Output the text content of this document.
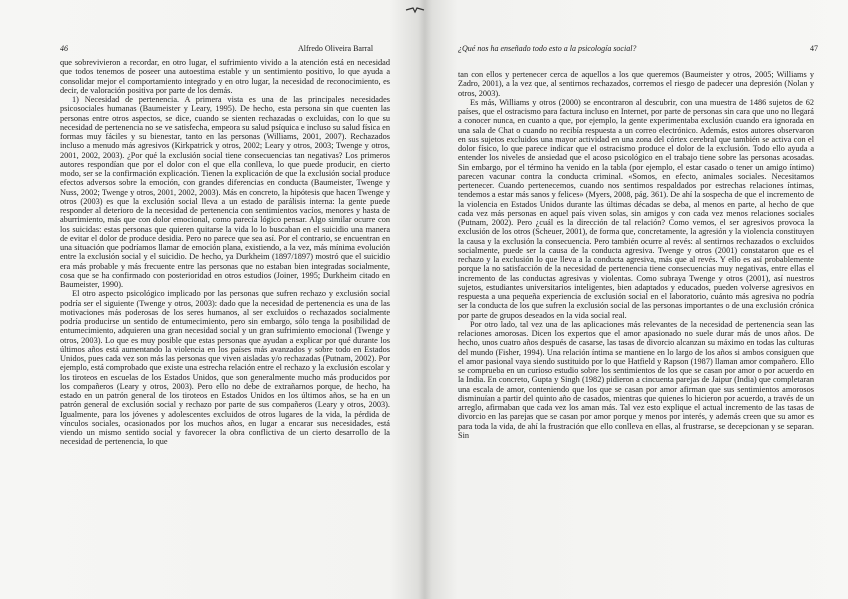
46	Alfredo Oliveira Barral

que sobrevivieron a recordar, en otro lugar, el sufrimiento vivido a la atención está en necesidad que todos tenemos de poseer una autoestima estable y un sentimiento positivo, lo que ayuda a consolidar mejor el comportamiento integrado y en otro lugar, la necesidad de reconocimiento, es decir, de valoración positiva por parte de los demás.

1) Necesidad de pertenencia. A primera vista es una de las principales necesidades psicosociales humanas (Baumeister y Leary, 1995). De hecho, esta persona sin que cuenten las personas entre otros aspectos, se dice, cuando se sienten rechazadas o excluidas, con lo que su necesidad de pertenencia no se ve satisfecha, empeora su salud psíquica e incluso su salud física en formas muy fáciles y su bienestar, tanto en las personas (Williams, 2001, 2007). Rechazados incluso a menudo más agresivos (Kirkpatrick y otros, 2002; Leary y otros, 2003; Twenge y otros, 2001, 2002, 2003). ¿Por qué la exclusión social tiene consecuencias tan negativas? Los primeros autores respondían que por el dolor con el que ella conlleva, lo que puede producir, en cierto modo, ser se la confirmación explicación. Tienen la explicación de que la exclusión social produce efectos adversos sobre la emoción, con grandes diferencias en conducta (Baumeister, Twenge y Nuss, 2002; Twenge y otros, 2001, 2002, 2003). Más en concreto, la hipótesis que hacen Twenge y otros (2003) es que la exclusión social lleva a un estado de parálisis interna: la gente puede responder al deterioro de la necesidad de pertenencia con sentimientos vacíos, menores y hasta de aburrimiento, más que con dolor emocional, como parecía lógico pensar. Algo similar ocurre con los suicidas: estas personas que quieren quitarse la vida lo lo buscaban en el suicidio una manera de evitar el dolor de produce desidia. Pero no parece que sea así. Por el contrario, se encuentran en una situación que podríamos llamar de emoción plana, existiendo, a la vez, más mínima evolución entre la exclusión social y el suicidio. De hecho, ya Durkheim (1897/1897) mostró que el suicidio era más probable y más frecuente entre las personas que no estaban bien integradas socialmente, cosa que se ha confirmado con posterioridad en otros estudios (Joiner, 1995; Durkheim citado en Baumeister, 1990).

El otro aspecto psicológico implicado por las personas que sufren rechazo y exclusión social podría ser el siguiente (Twenge y otros, 2003): dado que la necesidad de pertenencia es una de las motivaciones más poderosas de los seres humanos, al ser excluidos o rechazados socialmente podría producirse un sentido de entumecimiento, pero sin embargo, sólo tenga la posibilidad de entumecimiento, adquieren una gran necesidad social y un gran sufrimiento emocional (Twenge y otros, 2003). Lo que es muy posible que estas personas que ayudan a explicar por qué durante los últimos años está aumentando la violencia en los países más avanzados y sobre todo en Estados Unidos, pues cada vez son más las personas que viven aisladas y/o rechazadas (Putnam, 2002). Por ejemplo, está comprobado que existe una estrecha relación entre el rechazo y la exclusión escolar y los tiroteos en escuelas de los Estados Unidos, que son generalmente mucho más producidos por los compañeros (Leary y otros, 2003). Pero ello no debe de extrañarnos porque, de hecho, ha estado en un patrón general de los tiroteos en Estados Unidos en los últimos años, se ha en un patrón general de exclusión social y rechazo por parte de sus compañeros (Leary y otros, 2003). Igualmente, para los jóvenes y adolescentes excluidos de otros lugares de la vida, la pérdida de vínculos sociales, ocasionados por los muchos años, en lugar a encarar sus necesidades, está viendo un mismo sentido social y favorecer la obra conflictiva de un cierto desarrollo de la necesidad de pertenencia, lo que

¿Qué nos ha enseñado todo esto a la psicología social?	47

tan con ellos y pertenecer cerca de aquellos a los que queremos (Baumeister y otros, 2005; Williams y Zadro, 2001), a la vez que, al sentirnos rechazados, corremos el riesgo de padecer una depresión (Nolan y otros, 2003).

Es más, Williams y otros (2000) se encontraron al descubrir, con una muestra de 1486 sujetos de 62 países, que el ostracismo para factura incluso en Internet, por parte de personas sin cara que uno no llegará a conocer nunca, en cuanto a que, por ejemplo, la gente experimentaba exclusión cuando era ignorada en una sala de Chat o cuando no recibía respuesta a un correo electrónico. Además, estos autores observaron en sus sujetos excluidos una mayor actividad en una zona del córtex cerebral que también se activa con el dolor físico, lo que parece indicar que el ostracismo produce el dolor de la exclusión. Todo ello ayuda a entender los niveles de ansiedad que el acoso psicológico en el trabajo tiene sobre las personas acosadas. Sin embargo, por el término ha venido en la tabla (por ejemplo, el estar casado o tener un amigo íntimo) parecen vacunar contra la conducta criminal. «Somos, en efecto, animales sociales. Necesitamos pertenecer. Cuando pertenecemos, cuando nos sentimos respaldados por estrechas relaciones íntimas, tendemos a estar más sanos y felices» (Myers, 2008, pág. 361). De ahí la sospecha de que el incremento de la violencia en Estados Unidos durante las últimas décadas se deba, al menos en parte, al hecho de que cada vez más personas en aquel país viven solas, sin amigos y con cada vez menos relaciones sociales (Putnam, 2002). Pero ¿cuál es la dirección de tal relación? Como vemos, el ser agresivos provoca la exclusión de los otros (Scheuer, 2001), de forma que, concretamente, la agresión y la violencia constituyen la causa y la exclusión la consecuencia. Pero también ocurre al revés: al sentirnos rechazados o excluidos socialmente, puede ser la causa de la conducta agresiva. Twenge y otros (2001) constataron que es el rechazo y la exclusión lo que lleva a la conducta agresiva, más que al revés. Y ello es así probablemente porque la no satisfacción de la necesidad de pertenencia tiene consecuencias muy negativas, entre ellas el incremento de las conductas agresivas y violentas. Como subraya Twenge y otros (2001), así nuestros sujetos, estudiantes universitarios inteligentes, bien adaptados y educados, pueden volverse agresivos en respuesta a una pequeña experiencia de exclusión social en el laboratorio, cuánto más agresiva no podría ser la conducta de los que sufren la exclusión social de las personas importantes o de una exclusión crónica por parte de grupos deseados en la vida social real.

Por otro lado, tal vez una de las aplicaciones más relevantes de la necesidad de pertenencia sean las relaciones amorosas. Dicen los expertos que el amor apasionado no suele durar más de unos años. De hecho, unos cuatro años después de casarse, las tasas de divorcio alcanzan su máximo en todas las culturas del mundo (Fisher, 1994). Una relación íntima se mantiene en lo largo de los años si ambos consiguen que el amor pasional vaya siendo sustituido por lo que Hatfield y Rapson (1987) llaman amor compañero. Ello se comprueba en un curioso estudio sobre los sentimientos de los que se casan por amor o por acuerdo en la India. En concreto, Gupta y Singh (1982) pidieron a cincuenta parejas de Jaipur (India) que completaran una escala de amor, conteniendo que los que se casan por amor afirman que sus sentimientos amorosos disminuían a partir del quinto año de casados, mientras que quienes lo hicieron por acuerdo, a través de un arreglo, afirmaban que cada vez los aman más. Tal vez esto explique el actual incremento de las tasas de divorcio en las parejas que se casan por amor porque y menos por interés, y además creen que su amor es para toda la vida, de ahí la frustración que ello conlleva en ellas, al frustrarse, se decepcionan y se separan. Sin
